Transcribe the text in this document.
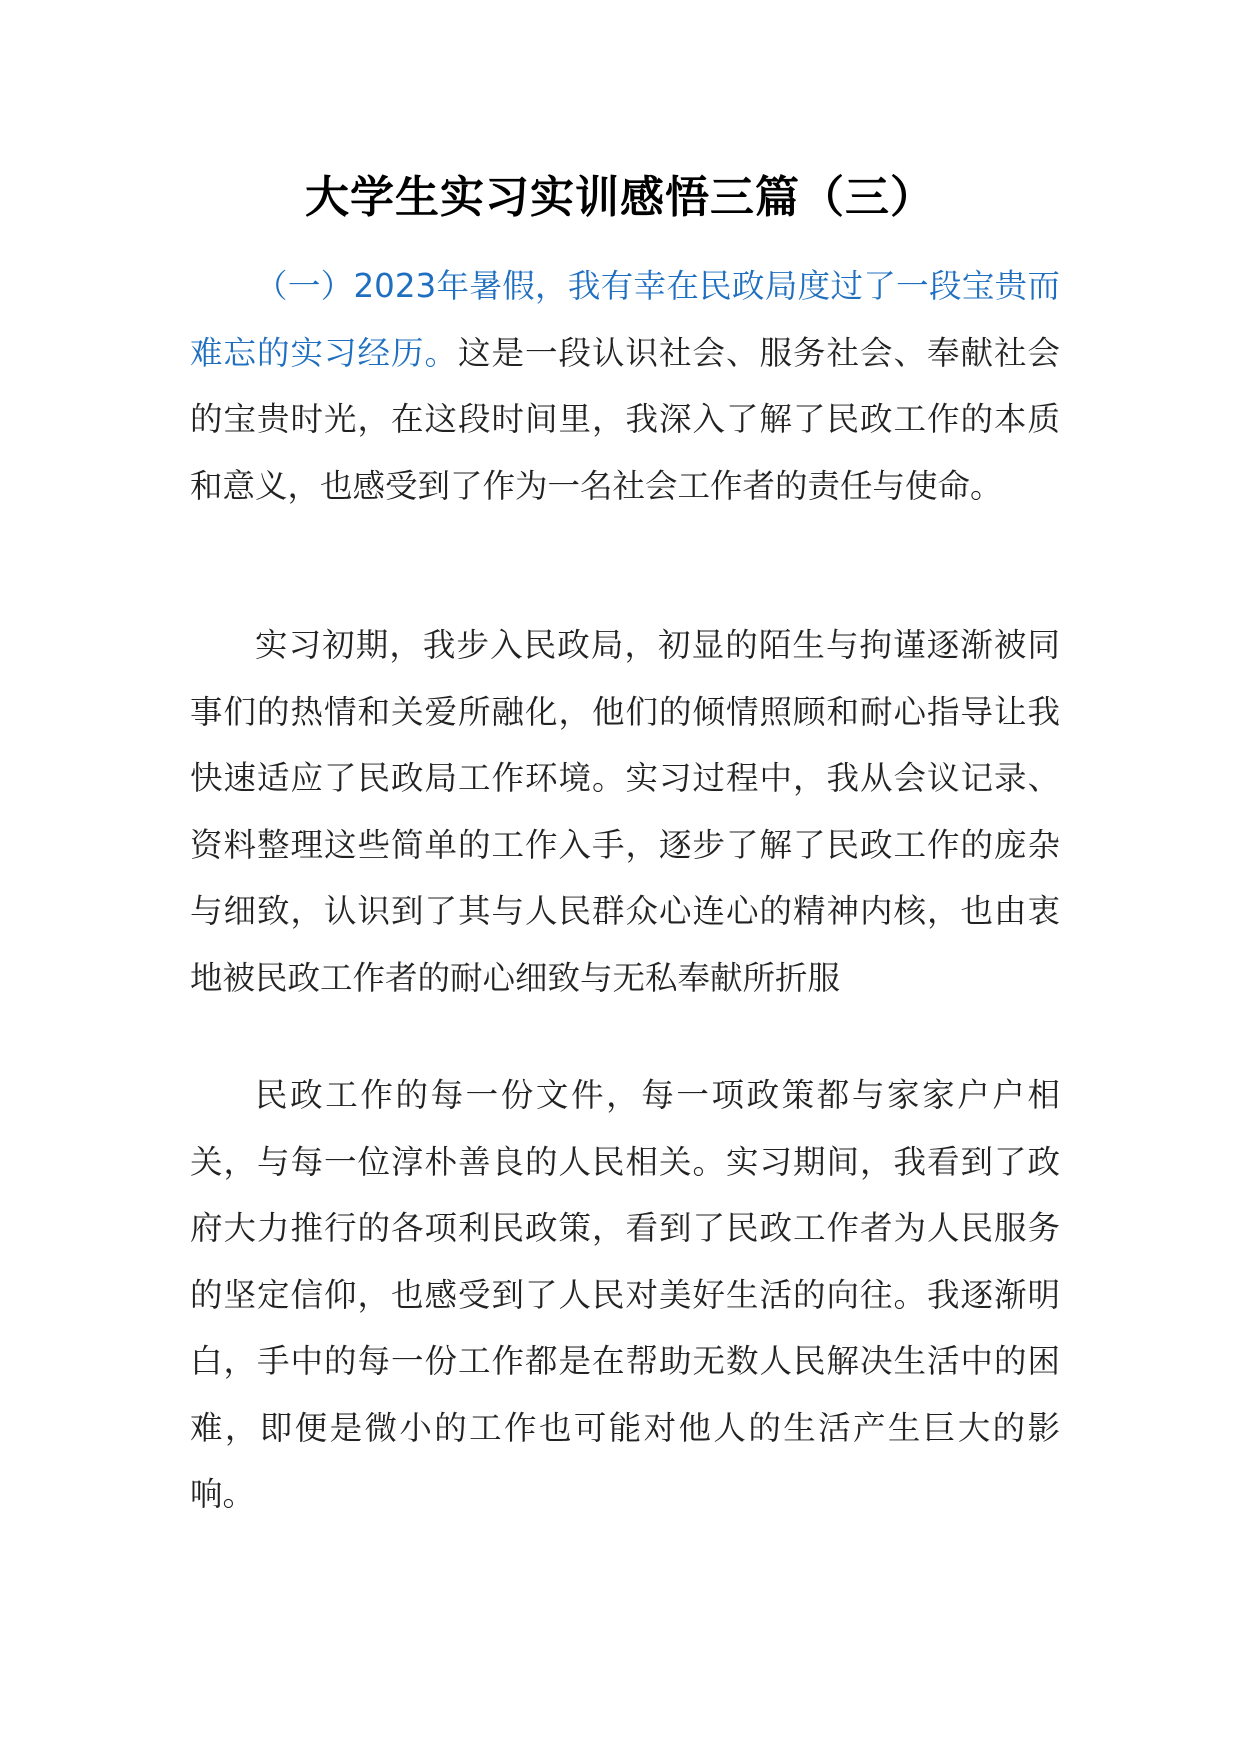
大学生实习实训感悟三篇（三）

（一）2023年暑假，我有幸在民政局度过了一段宝贵而难忘的实习经历。这是一段认识社会、服务社会、奉献社会的宝贵时光，在这段时间里，我深入了解了民政工作的本质和意义，也感受到了作为一名社会工作者的责任与使命。

实习初期，我步入民政局，初显的陌生与拘谨逐渐被同事们的热情和关爱所融化，他们的倾情照顾和耐心指导让我快速适应了民政局工作环境。实习过程中，我从会议记录、资料整理这些简单的工作入手，逐步了解了民政工作的庞杂与细致，认识到了其与人民群众心连心的精神内核，也由衷地被民政工作者的耐心细致与无私奉献所折服

民政工作的每一份文件，每一项政策都与家家户户相关，与每一位淳朴善良的人民相关。实习期间，我看到了政府大力推行的各项利民政策，看到了民政工作者为人民服务的坚定信仰，也感受到了人民对美好生活的向往。我逐渐明白，手中的每一份工作都是在帮助无数人民解决生活中的困难，即便是微小的工作也可能对他人的生活产生巨大的影响。
